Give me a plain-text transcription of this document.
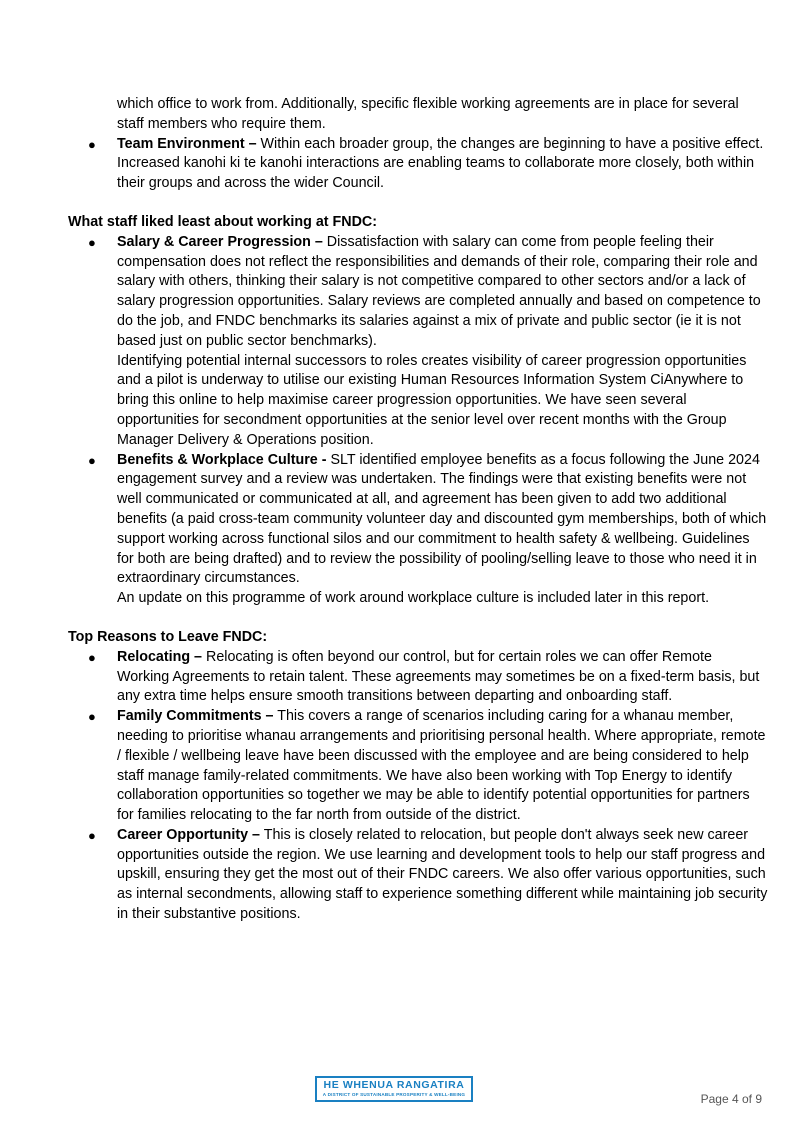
which office to work from. Additionally, specific flexible working agreements are in place for several staff members who require them.

● Team Environment – Within each broader group, the changes are beginning to have a positive effect. Increased kanohi ki te kanohi interactions are enabling teams to collaborate more closely, both within their groups and across the wider Council.

What staff liked least about working at FNDC:

● Salary & Career Progression – Dissatisfaction with salary can come from people feeling their compensation does not reflect the responsibilities and demands of their role, comparing their role and salary with others, thinking their salary is not competitive compared to other sectors and/or a lack of salary progression opportunities. Salary reviews are completed annually and based on competence to do the job, and FNDC benchmarks its salaries against a mix of private and public sector (ie it is not based just on public sector benchmarks).
Identifying potential internal successors to roles creates visibility of career progression opportunities and a pilot is underway to utilise our existing Human Resources Information System CiAnywhere to bring this online to help maximise career progression opportunities. We have seen several opportunities for secondment opportunities at the senior level over recent months with the Group Manager Delivery & Operations position.
● Benefits & Workplace Culture - SLT identified employee benefits as a focus following the June 2024 engagement survey and a review was undertaken. The findings were that existing benefits were not well communicated or communicated at all, and agreement has been given to add two additional benefits (a paid cross-team community volunteer day and discounted gym memberships, both of which support working across functional silos and our commitment to health safety & wellbeing. Guidelines for both are being drafted) and to review the possibility of pooling/selling leave to those who need it in extraordinary circumstances.
An update on this programme of work around workplace culture is included later in this report.

Top Reasons to Leave FNDC:

● Relocating – Relocating is often beyond our control, but for certain roles we can offer Remote Working Agreements to retain talent. These agreements may sometimes be on a fixed-term basis, but any extra time helps ensure smooth transitions between departing and onboarding staff.
● Family Commitments – This covers a range of scenarios including caring for a whanau member, needing to prioritise whanau arrangements and prioritising personal health. Where appropriate, remote / flexible / wellbeing leave have been discussed with the employee and are being considered to help staff manage family-related commitments. We have also been working with Top Energy to identify collaboration opportunities so together we may be able to identify potential opportunities for partners for families relocating to the far north from outside of the district.
● Career Opportunity – This is closely related to relocation, but people don't always seek new career opportunities outside the region. We use learning and development tools to help our staff progress and upskill, ensuring they get the most out of their FNDC careers. We also offer various opportunities, such as internal secondments, allowing staff to experience something different while maintaining job security in their substantive positions.
HE WHENUA RANGATIRA
A DISTRICT OF SUSTAINABLE PROSPERITY & WELL-BEING	Page 4 of 9
